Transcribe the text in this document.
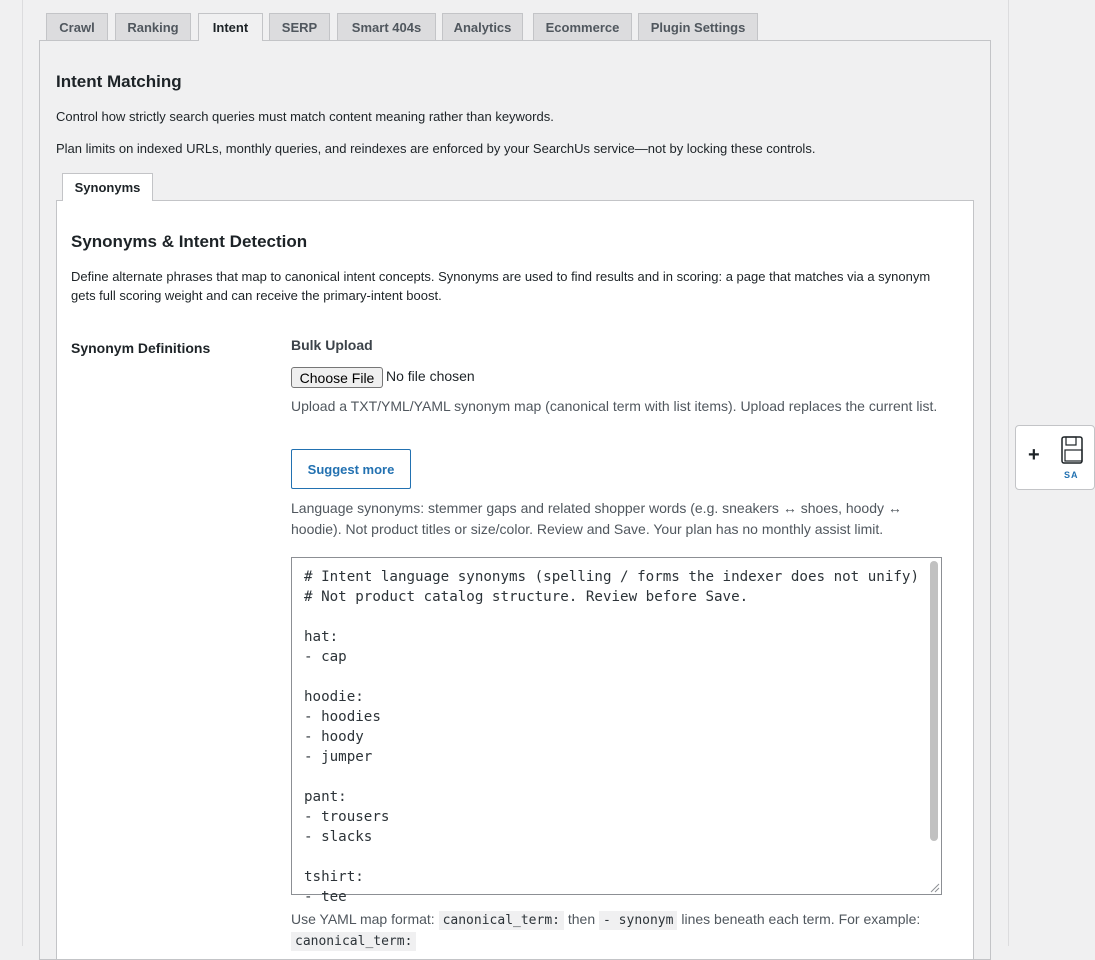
Crawl	Ranking	Intent	SERP	Smart 404s	Analytics	Ecommerce	Plugin Settings
Intent Matching

Control how strictly search queries must match content meaning rather than keywords.

Plan limits on indexed URLs, monthly queries, and reindexes are enforced by your SearchUs service—not by locking these controls.

Synonyms
Synonyms & Intent Detection

Define alternate phrases that map to canonical intent concepts. Synonyms are used to find results and in scoring: a page that matches via a synonym gets full scoring weight and can receive the primary-intent boost.

Synonym Definitions	Bulk Upload
Choose File No file chosen

Upload a TXT/YML/YAML synonym map (canonical term with list items). Upload replaces the current list.

Suggest more

Language synonyms: stemmer gaps and related shopper words (e.g. sneakers ↔ shoes, hoody ↔ hoodie). Not product titles or size/color. Review and Save. Your plan has no monthly assist limit.

# Intent language synonyms (spelling / forms the indexer does not unify)
# Not product catalog structure. Review before Save.

hat:
- cap

hoodie:
- hoodies
- hoody
- jumper

pant:
- trousers
- slacks

tshirt:
- tee
Use YAML map format: canonical_term: then - synonym lines beneath each term. For example:
canonical_term:
+
SA
